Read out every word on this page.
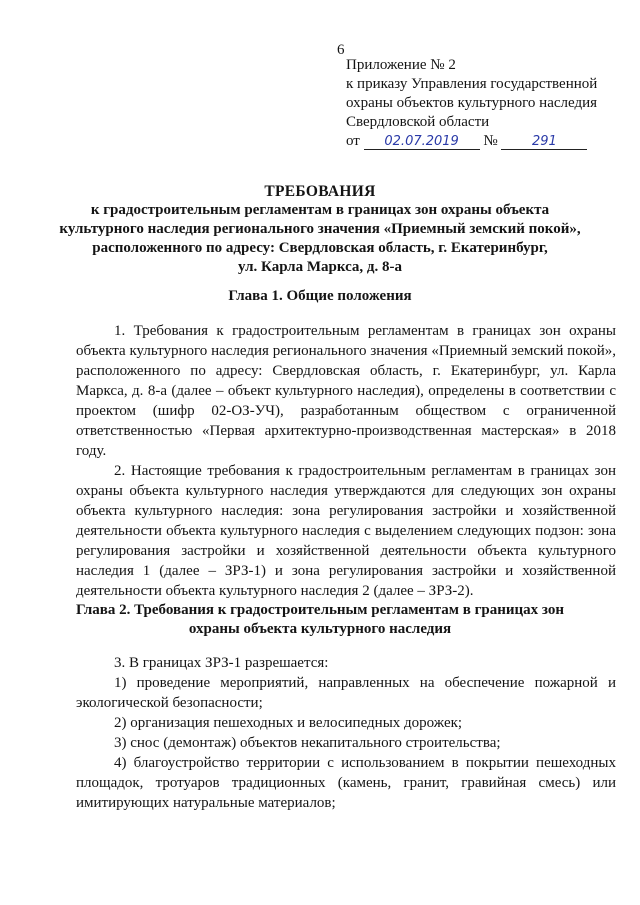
6
Приложение № 2
к приказу Управления государственной
охраны объектов культурного наследия
Свердловской области
от 02.07.2019 №	291
ТРЕБОВАНИЯ
к градостроительным регламентам в границах зон охраны объекта
культурного наследия регионального значения «Приемный земский покой»,
расположенного по адресу: Свердловская область, г. Екатеринбург,
ул. Карла Маркса, д. 8-а
Глава 1. Общие положения

1. Требования к градостроительным регламентам в границах зон охраны объекта культурного наследия регионального значения «Приемный земский покой», расположенного по адресу: Свердловская область, г. Екатеринбург, ул. Карла Маркса, д. 8-а (далее – объект культурного наследия), определены в соответствии с проектом (шифр 02-ОЗ-УЧ), разработанным обществом с ограниченной ответственностью «Первая архитектурно-производственная мастерская» в 2018 году.

2. Настоящие требования к градостроительным регламентам в границах зон охраны объекта культурного наследия утверждаются для следующих зон охраны объекта культурного наследия: зона регулирования застройки и хозяйственной деятельности объекта культурного наследия с выделением следующих подзон: зона регулирования застройки и хозяйственной деятельности объекта культурного наследия 1 (далее – ЗРЗ-1) и зона регулирования застройки и хозяйственной деятельности объекта культурного наследия 2 (далее – ЗРЗ-2).

Глава 2. Требования к градостроительным регламентам в границах зон
охраны объекта культурного наследия

3. В границах ЗРЗ-1 разрешается:

1) проведение мероприятий, направленных на обеспечение пожарной и экологической безопасности;

2) организация пешеходных и велосипедных дорожек;

3) снос (демонтаж) объектов некапитального строительства;

4) благоустройство территории с использованием в покрытии пешеходных площадок, тротуаров традиционных (камень, гранит, гравийная смесь) или имитирующих натуральные материалов;
